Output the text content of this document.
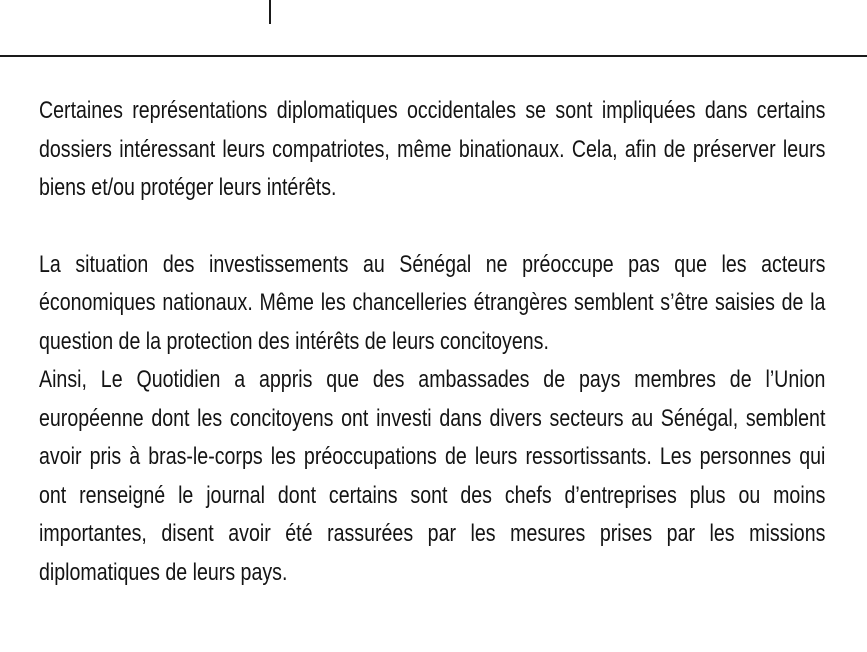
Certaines représentations diplomatiques occidentales se sont impliquées dans certains dossiers intéressant leurs compatriotes, même binationaux. Cela, afin de préserver leurs biens et/ou protéger leurs intérêts.

La situation des investissements au Sénégal ne préoccupe pas que les acteurs économiques nationaux. Même les chancelleries étrangères semblent s’être saisies de la question de la protection des intérêts de leurs concitoyens.

Ainsi, Le Quotidien a appris que des ambassades de pays membres de l’Union européenne dont les concitoyens ont investi dans divers secteurs au Sénégal, semblent avoir pris à bras-le-corps les préoccupations de leurs ressortissants. Les personnes qui ont renseigné le journal dont certains sont des chefs d’entreprises plus ou moins importantes, disent avoir été rassurées par les mesures prises par les missions diplomatiques de leurs pays.
